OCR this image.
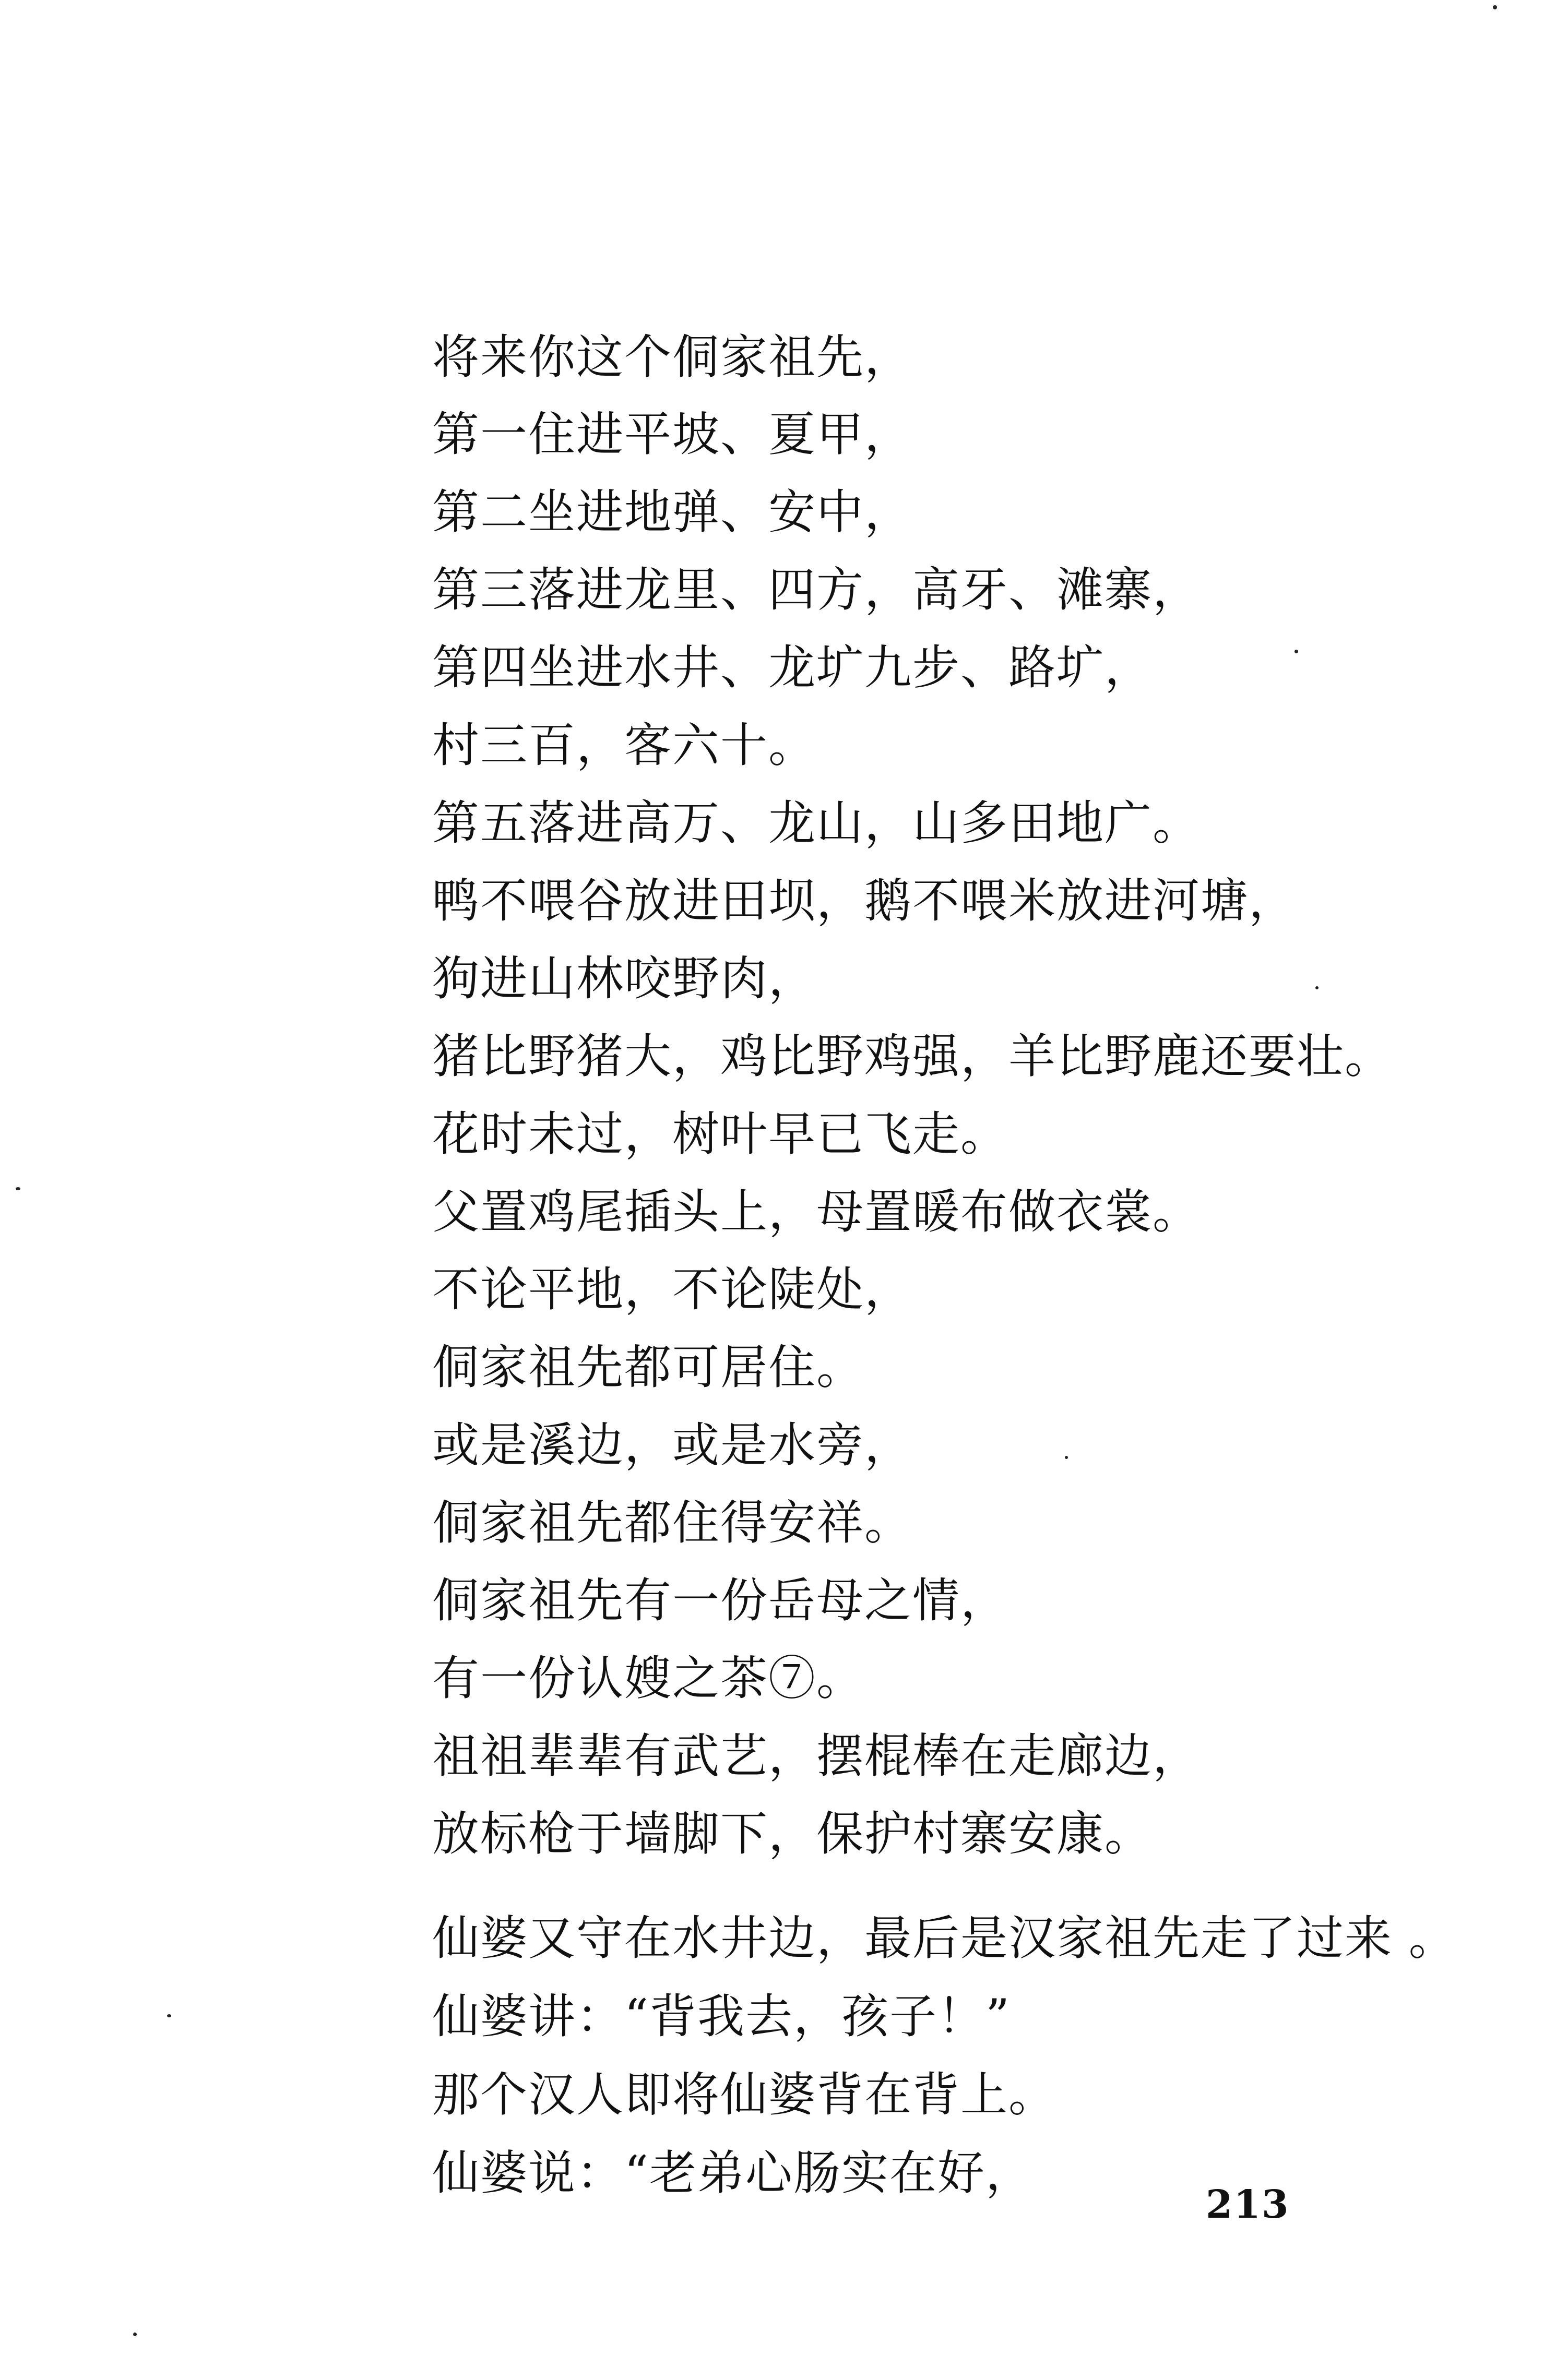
将来你这个侗家祖先，
第一住进平坡、夏甲，
第二坐进地弹、安中，
第三落进龙里、四方，高牙、滩寨，
第四坐进水井、龙圹九步、路圹，
村三百，客六十。
第五落进高万、龙山，山多田地广。
鸭不喂谷放进田坝，鹅不喂米放进河塘，
狗进山林咬野肉，
猪比野猪大，鸡比野鸡强，羊比野鹿还要壮。
花时未过，树叶早已飞走。
父置鸡尾插头上，母置暖布做衣裳。
不论平地，不论陡处，
侗家祖先都可居住。
或是溪边，或是水旁，
侗家祖先都住得安祥。
侗家祖先有一份岳母之情，
有一份认嫂之茶⑦。
祖祖辈辈有武艺，摆棍棒在走廊边，
放标枪于墙脚下，保护村寨安康。
仙婆又守在水井边，最后是汉家祖先走了过来 。
仙婆讲：“背我去，孩子！”
那个汉人即将仙婆背在背上。
仙婆说：“老弟心肠实在好，
213
